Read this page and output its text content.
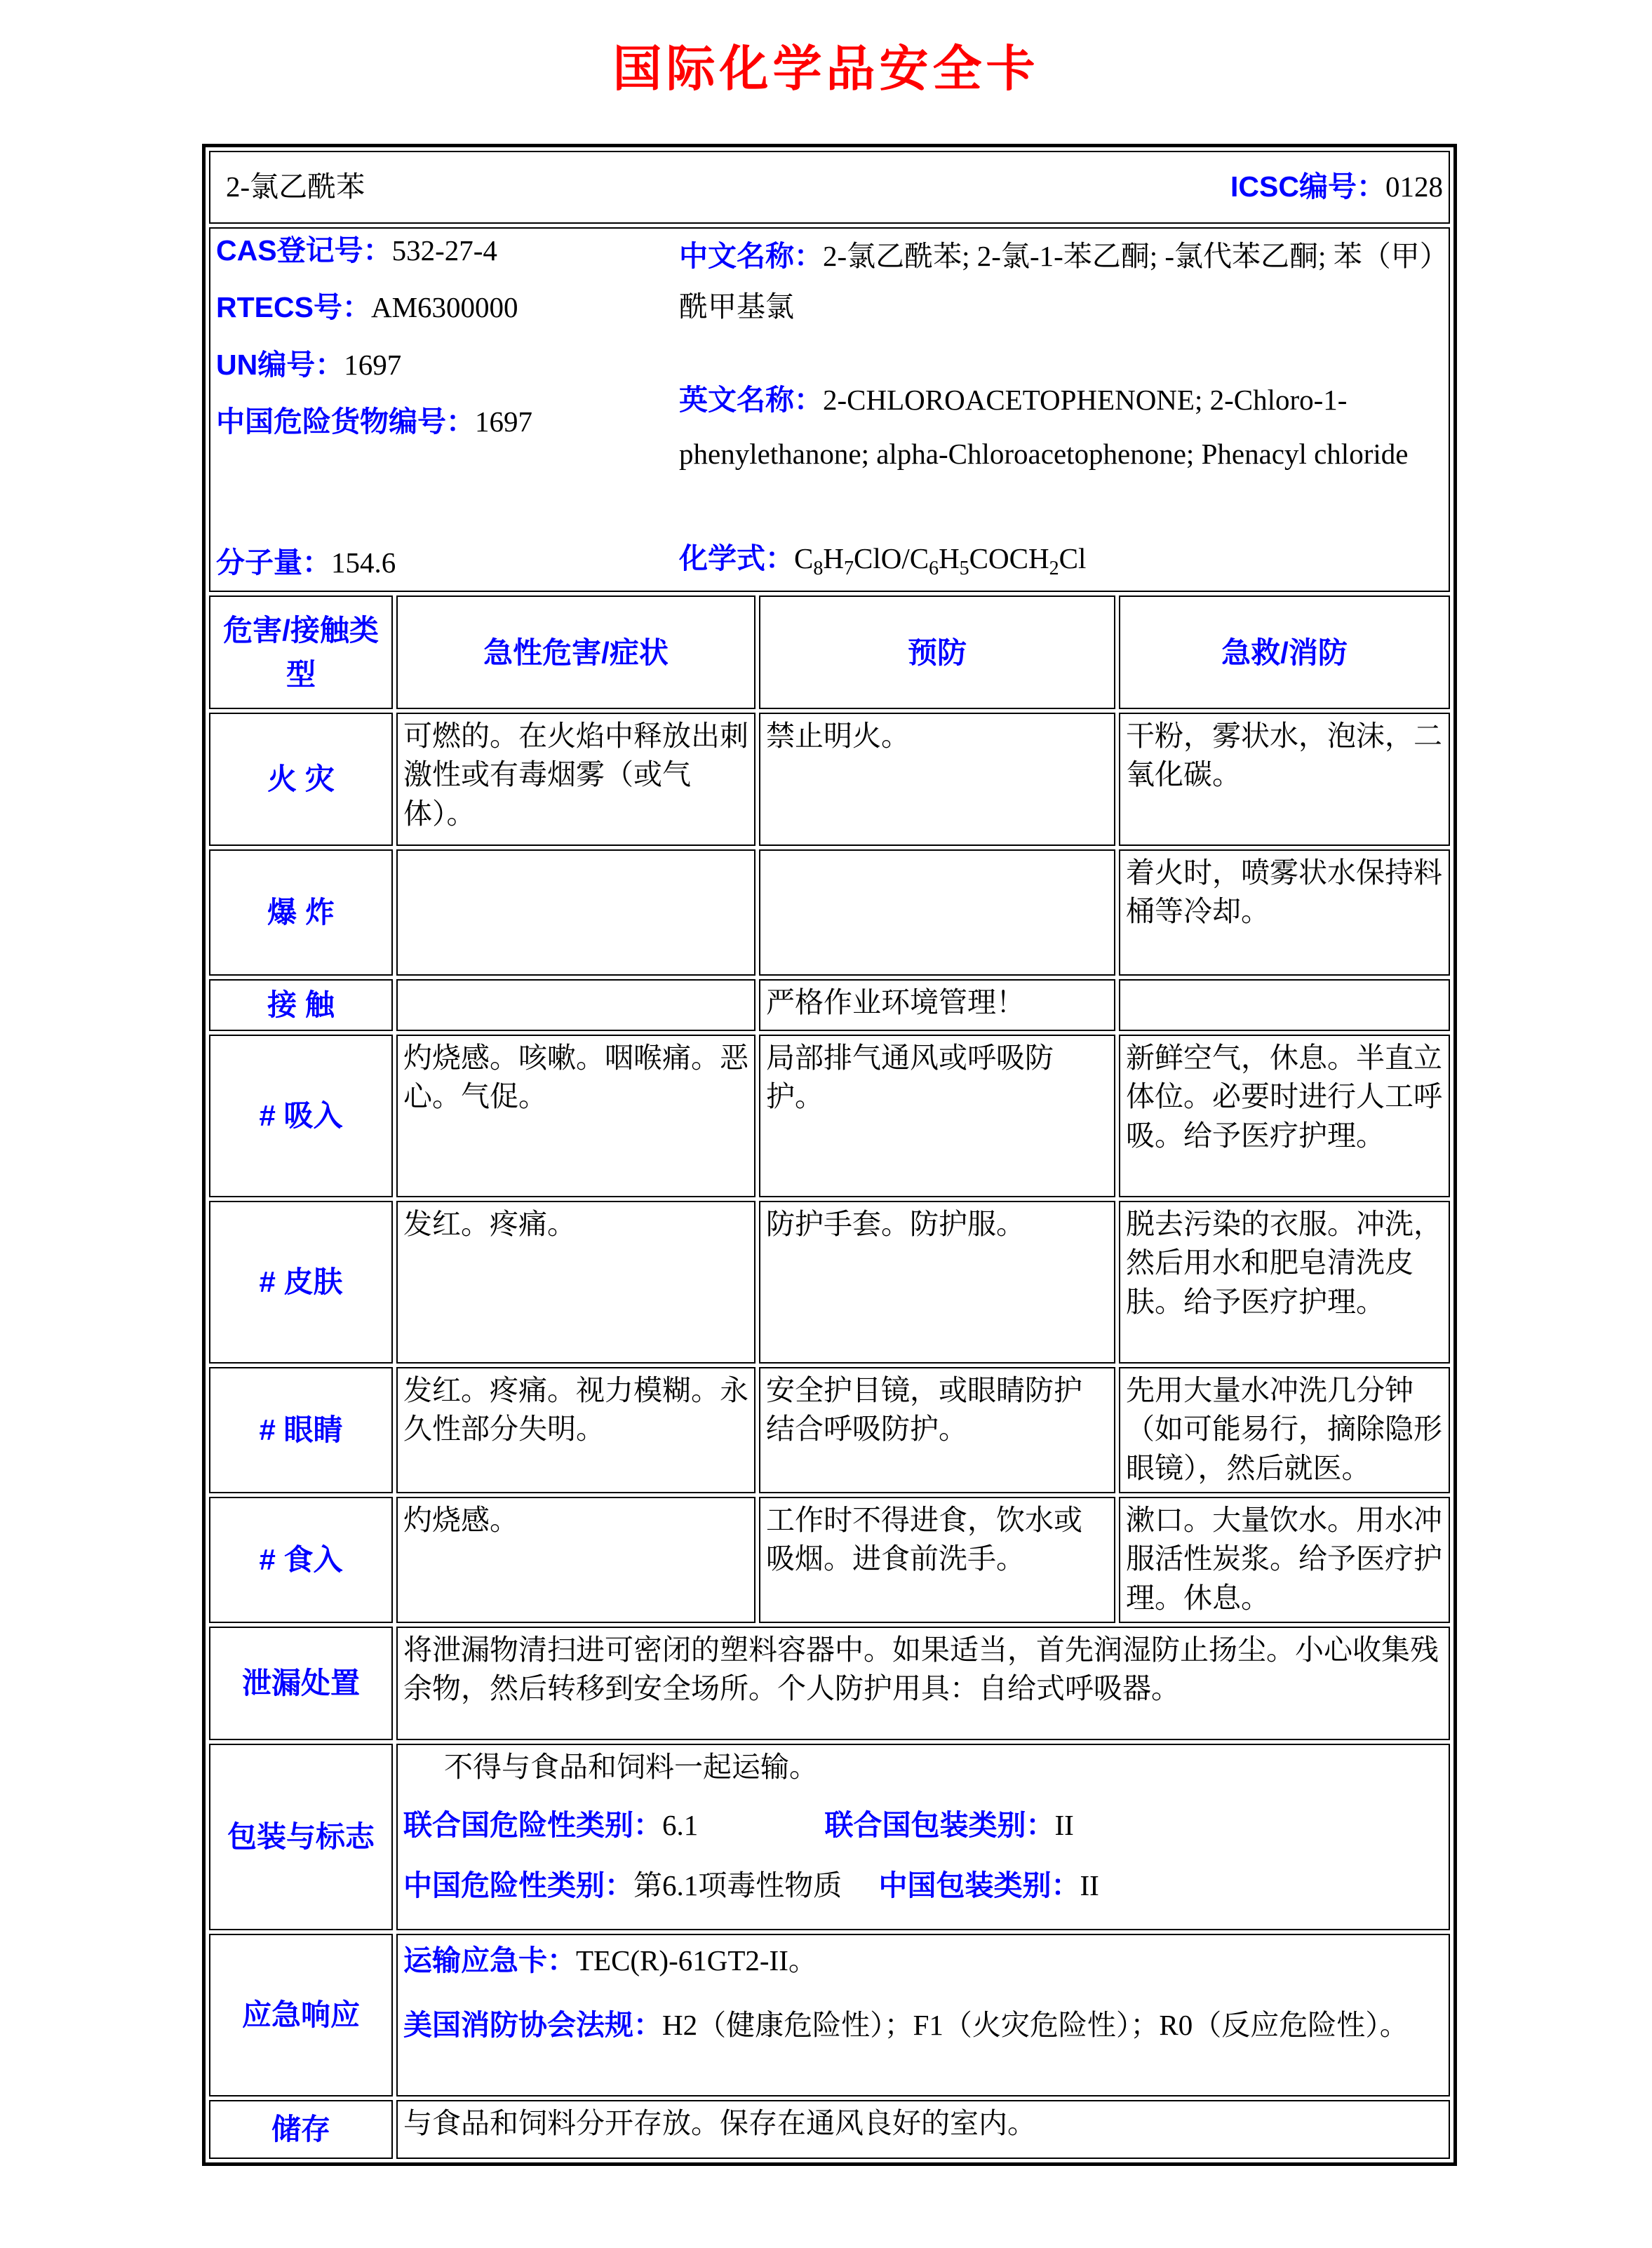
国际化学品安全卡
2-氯乙酰苯 ICSC编号：0128			

CAS登记号：532-27-4

RTECS号：AM6300000

UN编号：1697

中国危险货物编号：1697

中文名称：2-氯乙酰苯; 2-氯-1-苯乙酮; -氯代苯乙酮; 苯（甲）酰甲基氯

英文名称：2-CHLOROACETOPHENONE; 2-Chloro-1-phenylethanone; alpha-Chloroacetophenone; Phenacyl chloride

分子量：154.6	化学式：$C_8H_7ClO/C_6H_5COCH_2Cl$

危害/接触类型	急性危害/症状	预防	急救/消防
火 灾	可燃的。在火焰中释放出刺激性或有毒烟雾（或气体）。	禁止明火。	干粉，雾状水，泡沫，二氧化碳。
爆 炸			着火时，喷雾状水保持料桶等冷却。
接 触		严格作业环境管理！	
# 吸入	灼烧感。咳嗽。咽喉痛。恶心。气促。	局部排气通风或呼吸防护。	新鲜空气，休息。半直立体位。必要时进行人工呼吸。给予医疗护理。
# 皮肤	发红。疼痛。	防护手套。防护服。	脱去污染的衣服。冲洗，然后用水和肥皂清洗皮肤。给予医疗护理。
# 眼睛	发红。疼痛。视力模糊。永久性部分失明。	安全护目镜，或眼睛防护结合呼吸防护。	先用大量水冲洗几分钟（如可能易行，摘除隐形眼镜），然后就医。
# 食入	灼烧感。	工作时不得进食，饮水或吸烟。进食前洗手。	漱口。大量饮水。用水冲服活性炭浆。给予医疗护理。休息。
泄漏处置	将泄漏物清扫进可密闭的塑料容器中。如果适当，首先润湿防止扬尘。小心收集残余物，然后转移到安全场所。个人防护用具：自给式呼吸器。		
包装与标志	不得与食品和饲料一起运输。

联合国危险性类别：6.1 联合国包装类别：II

中国危险性类别：第6.1项毒性物质 中国包装类别：II		

应急响应	运输应急卡：TEC(R)-61GT2-II。

美国消防协会法规：H2（健康危险性）；F1（火灾危险性）；R0（反应危险性）。		

储存	与食品和饲料分开存放。保存在通风良好的室内。		
